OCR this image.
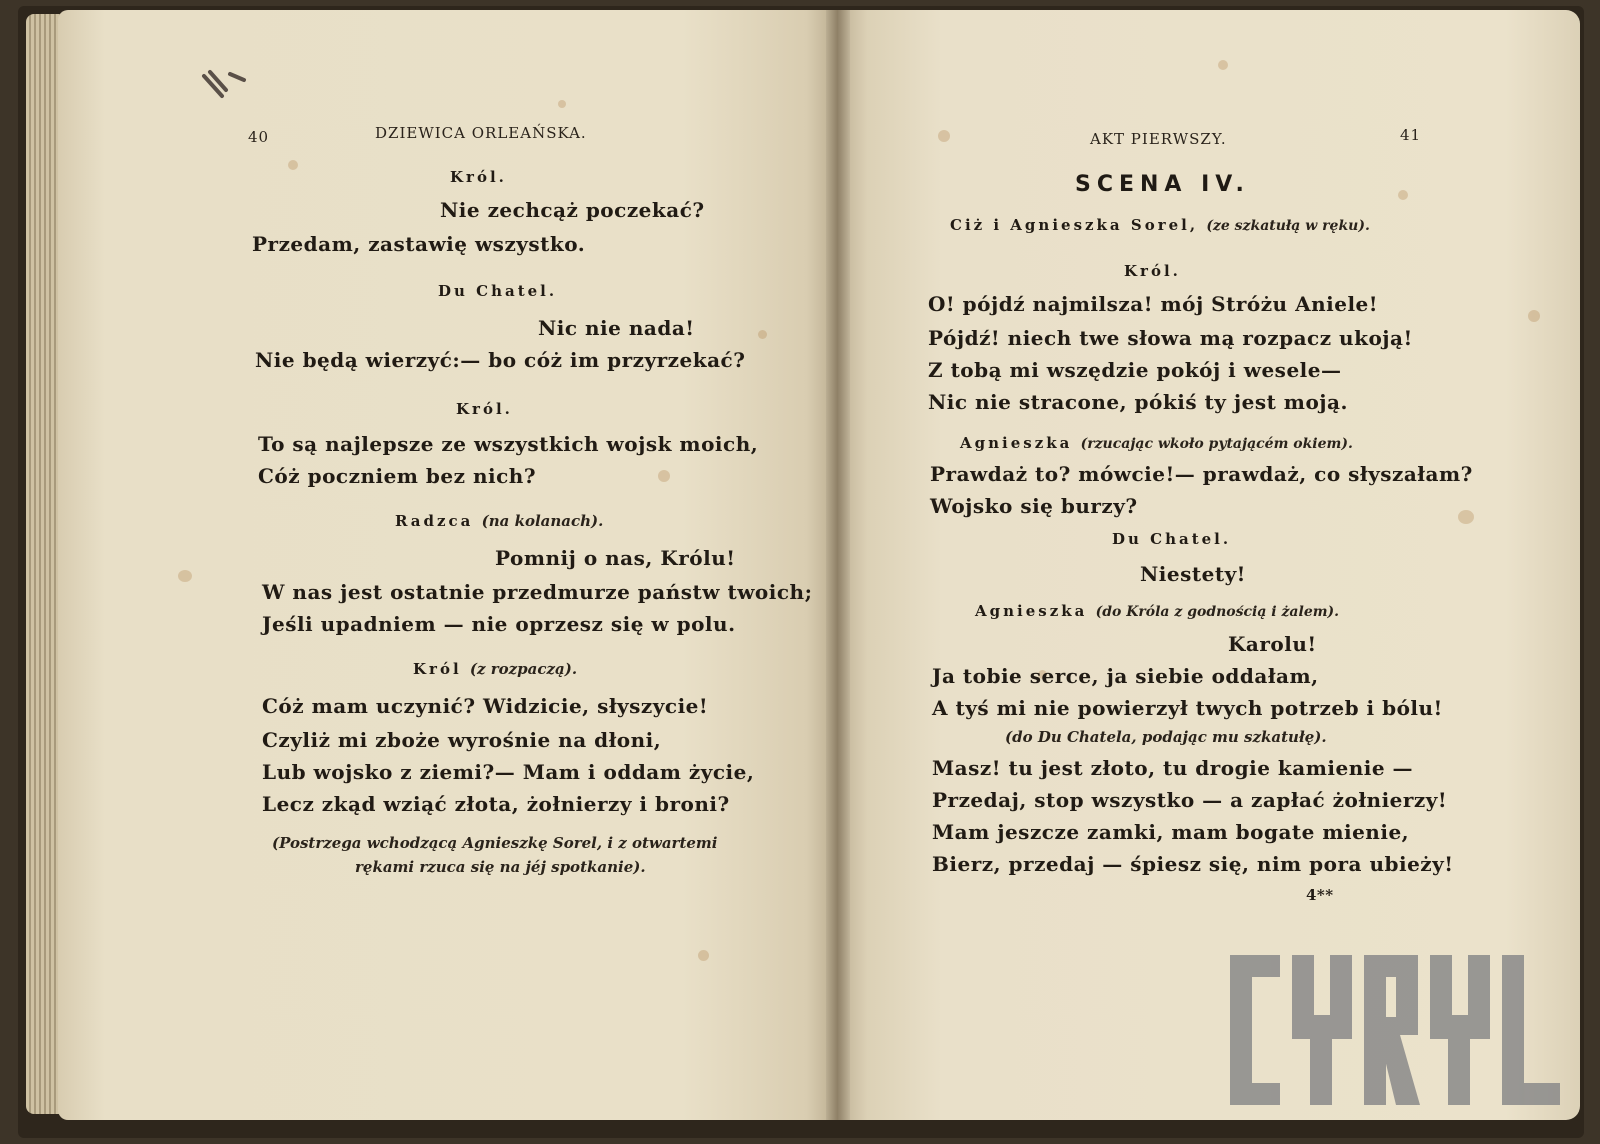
40	DZIEWICA ORLEAŃSKA.
Król.
Nie zechcąż poczekać?
Przedam, zastawię wszystko.
Du Chatel.
Nic nie nada!
Nie będą wierzyć:— bo cóż im przyrzekać?
Król.
To są najlepsze ze wszystkich wojsk moich,
Cóż poczniem bez nich?
Radzca (na kolanach).
Pomnij o nas, Królu!
W nas jest ostatnie przedmurze państw twoich;
Jeśli upadniem — nie oprzesz się w polu.
Król (z rozpaczą).
Cóż mam uczynić? Widzicie, słyszycie!
Czyliż mi zboże wyrośnie na dłoni,
Lub wojsko z ziemi?— Mam i oddam życie,
Lecz zkąd wziąć złota, żołnierzy i broni?
(Postrzega wchodzącą Agnieszkę Sorel, i z otwartemi
rękami rzuca się na jéj spotkanie).
AKT PIERWSZY.	41
SCENA IV.
Ciż i Agnieszka Sorel, (ze szkatułą w ręku).
Król.
O! pójdź najmilsza! mój Stróżu Aniele!
Pójdź! niech twe słowa mą rozpacz ukoją!
Z tobą mi wszędzie pokój i wesele—
Nic nie stracone, pókiś ty jest moją.
Agnieszka (rzucając wkoło pytającém okiem).
Prawdaż to? mówcie!— prawdaż, co słyszałam?
Wojsko się burzy?
Du Chatel.
Niestety!
Agnieszka (do Króla z godnością i żalem).
Karolu!
Ja tobie serce, ja siebie oddałam,
A tyś mi nie powierzył twych potrzeb i bólu!
(do Du Chatela, podając mu szkatułę).
Masz! tu jest złoto, tu drogie kamienie —
Przedaj, stop wszystko — a zapłać żołnierzy!
Mam jeszcze zamki, mam bogate mienie,
Bierz, przedaj — śpiesz się, nim pora ubieży!
4**
